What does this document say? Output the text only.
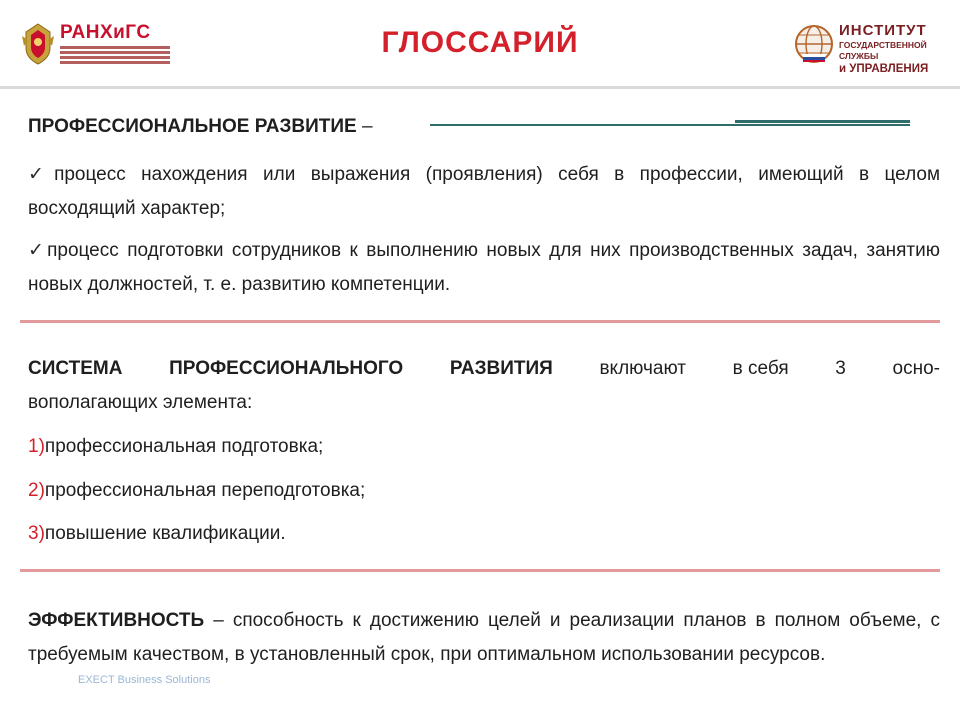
РАНХиГС	ГЛОССАРИЙ	ИНСТИТУТ
ГОСУДАРСТВЕННОЙ СЛУЖБЫ
и УПРАВЛЕНИЯ
ПРОФЕССИОНАЛЬНОЕ РАЗВИТИЕ –
✓процесс нахождения или выражения (проявления) себя в профессии, имеющий в целом восходящий характер;
✓процесс подготовки сотрудников к выполнению новых для них производственных задач, занятию новых должностей, т. е. развитию компетенции.
СИСТЕМА ПРОФЕССИОНАЛЬНОГО РАЗВИТИЯ включают в себя 3 осно-
вополагающих элемента:
1)профессиональная подготовка;
2)профессиональная переподготовка;
3)повышение квалификации.
ЭФФЕКТИВНОСТЬ – способность к достижению целей и реализации планов в полном объеме, с требуемым качеством, в установленный срок, при оптимальном использовании ресурсов.
EXECT Business Solutions
